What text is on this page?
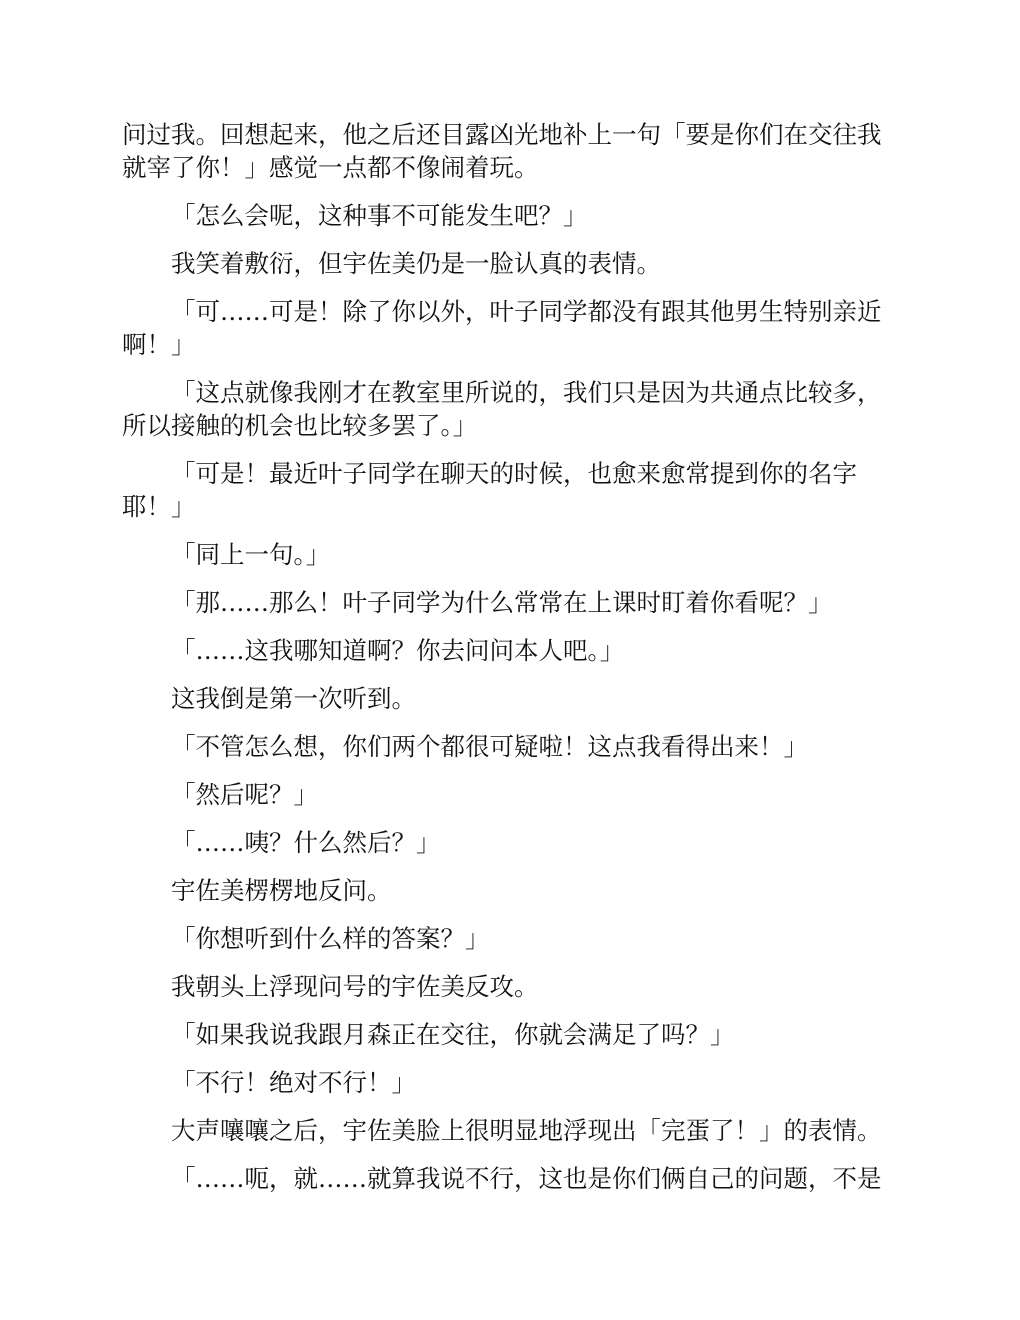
问过我。回想起来，他之后还目露凶光地补上一句「要是你们在交往我就宰了你！」感觉一点都不像闹着玩。

「怎么会呢，这种事不可能发生吧？」

我笑着敷衍，但宇佐美仍是一脸认真的表情。

「可……可是！除了你以外，叶子同学都没有跟其他男生特别亲近啊！」

「这点就像我刚才在教室里所说的，我们只是因为共通点比较多，所以接触的机会也比较多罢了。」

「可是！最近叶子同学在聊天的时候，也愈来愈常提到你的名字耶！」

「同上一句。」

「那……那么！叶子同学为什么常常在上课时盯着你看呢？」

「……这我哪知道啊？你去问问本人吧。」

这我倒是第一次听到。

「不管怎么想，你们两个都很可疑啦！这点我看得出来！」

「然后呢？」

「……咦？什么然后？」

宇佐美楞楞地反问。

「你想听到什么样的答案？」

我朝头上浮现问号的宇佐美反攻。

「如果我说我跟月森正在交往，你就会满足了吗？」

「不行！绝对不行！」

大声嚷嚷之后，宇佐美脸上很明显地浮现出「完蛋了！」的表情。

「……呃，就……就算我说不行，这也是你们俩自己的问题，不是
